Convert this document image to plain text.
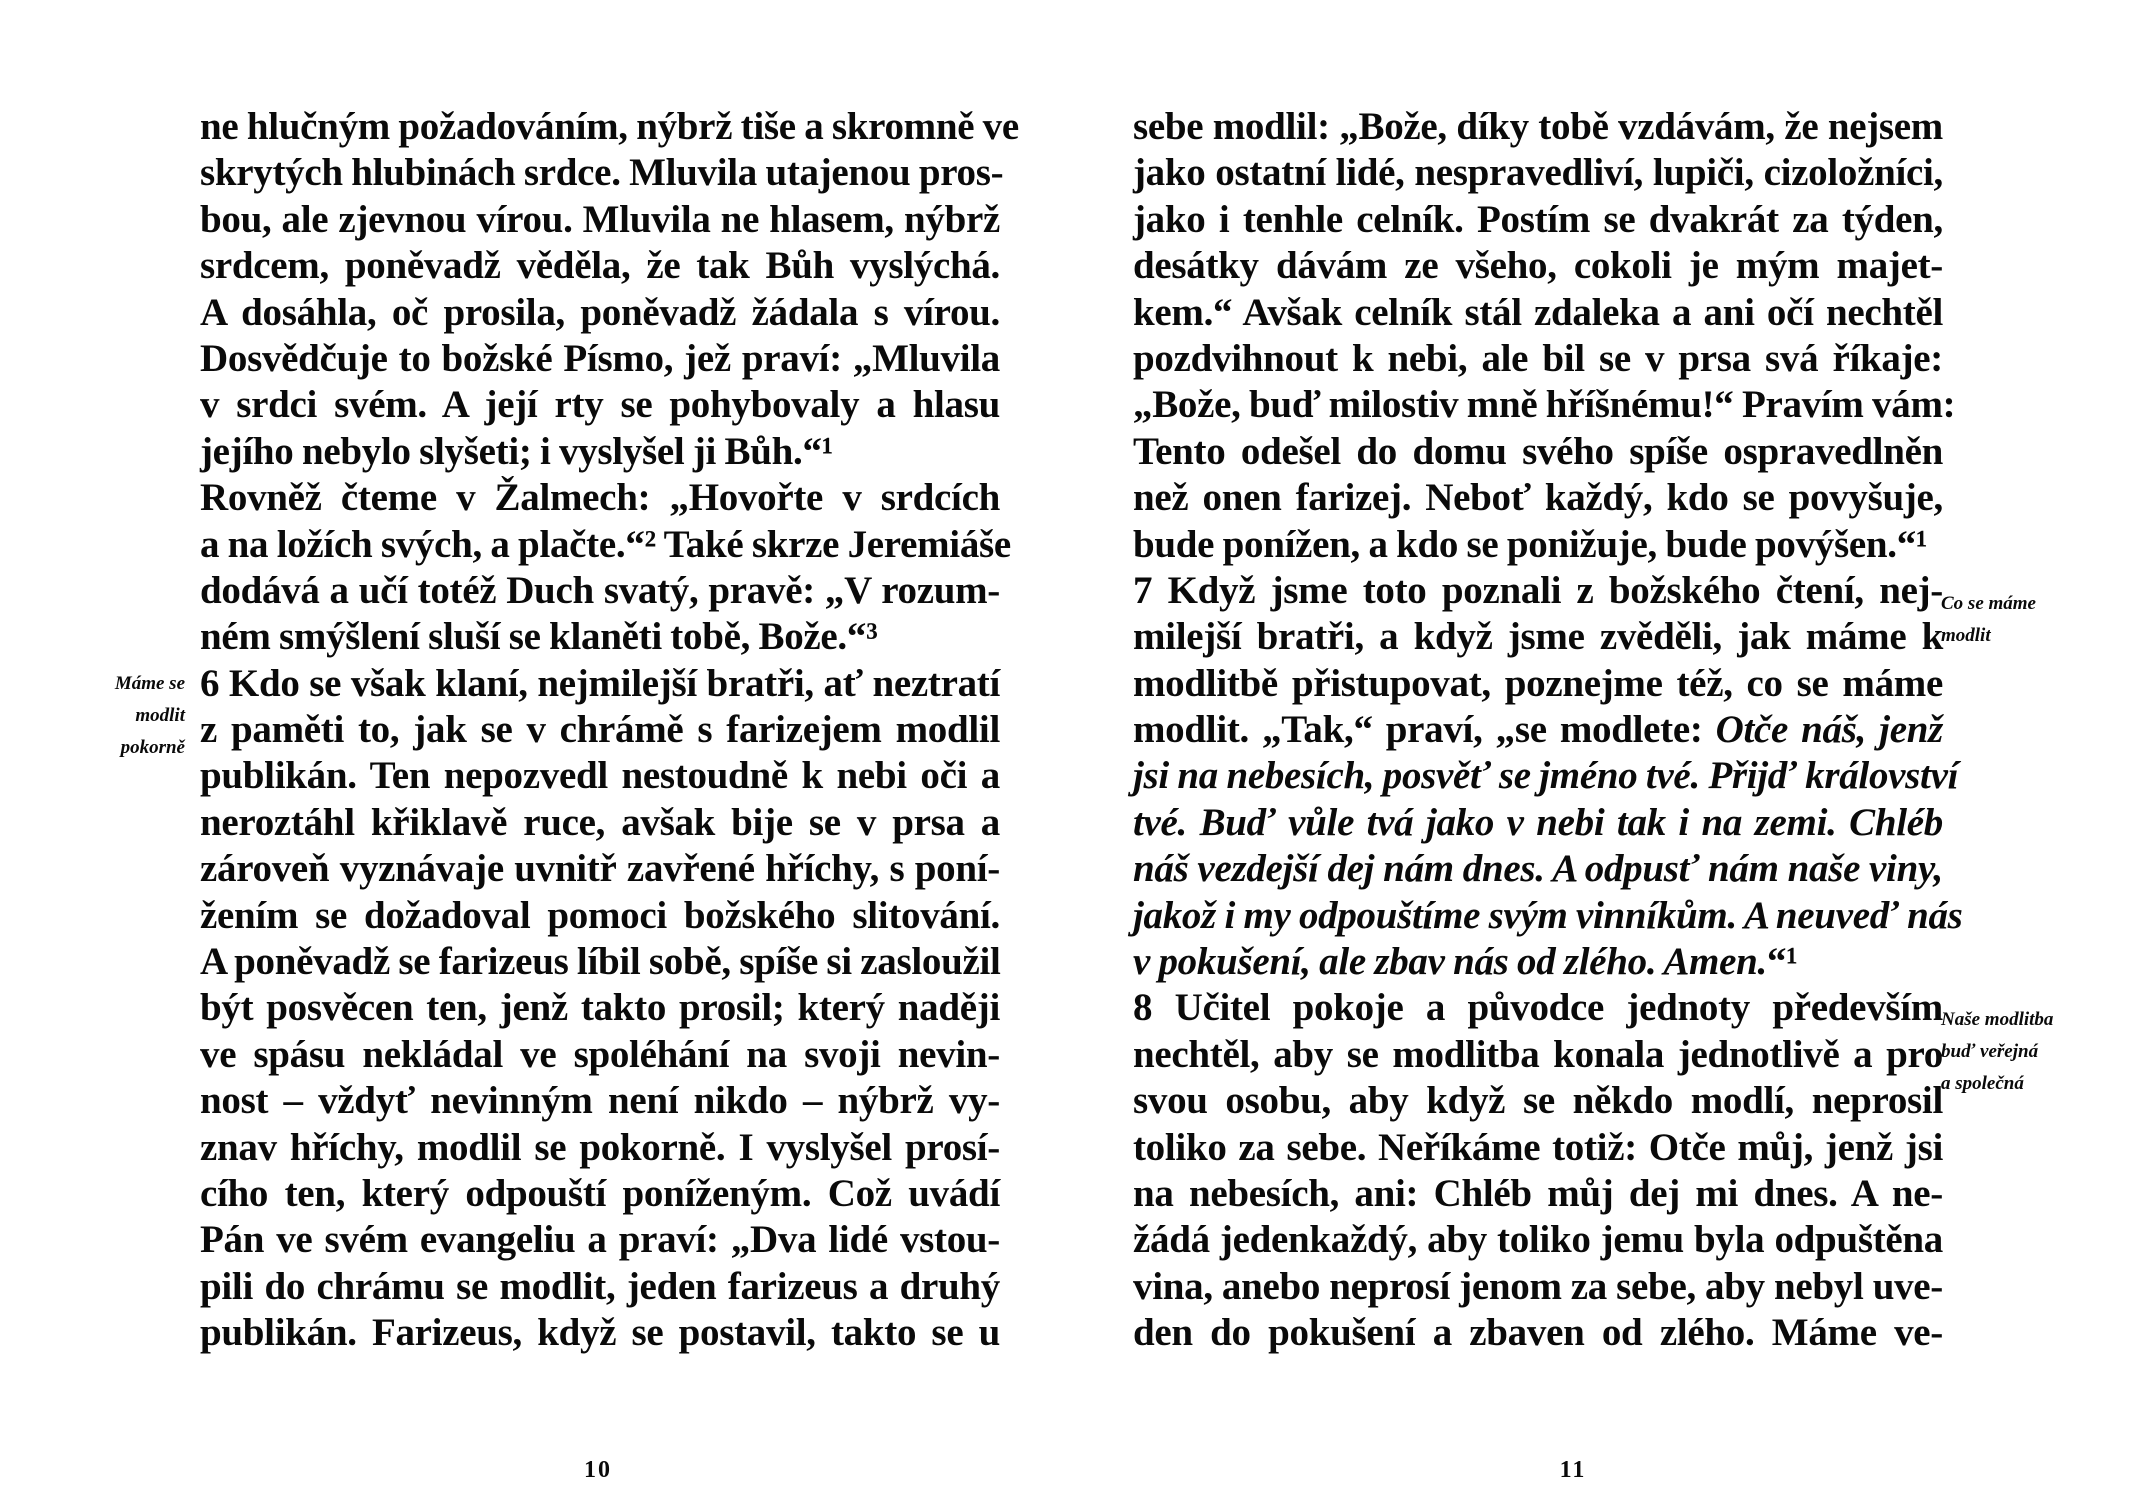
ne hlučným požadováním, nýbrž tiše a skromně ve
skrytých hlubinách srdce. Mluvila utajenou pros-
bou, ale zjevnou vírou. Mluvila ne hlasem, nýbrž
srdcem, poněvadž věděla, že tak Bůh vyslýchá.
A dosáhla, oč prosila, poněvadž žádala s vírou.
Dosvědčuje to božské Písmo, jež praví: „Mluvila
v srdci svém. A její rty se pohybovaly a hlasu
jejího nebylo slyšeti; i vyslyšel ji Bůh.“¹
Rovněž čteme v Žalmech: „Hovořte v srdcích
a na ložích svých, a plačte.“² Také skrze Jeremiáše
dodává a učí totéž Duch svatý, pravě: „V rozum-
ném smýšlení sluší se klaněti tobě, Bože.“³
6 Kdo se však klaní, nejmilejší bratři, ať neztratí
z paměti to, jak se v chrámě s farizejem modlil
publikán. Ten nepozvedl nestoudně k nebi oči a
neroztáhl křiklavě ruce, avšak bije se v prsa a
zároveň vyznávaje uvnitř zavřené hříchy, s poní-
žením se dožadoval pomoci božského slitování.
A poněvadž se farizeus líbil sobě, spíše si zasloužil
být posvěcen ten, jenž takto prosil; který naději
ve spásu nekládal ve spoléhání na svoji nevin-
nost – vždyť nevinným není nikdo – nýbrž vy-
znav hříchy, modlil se pokorně. I vyslyšel prosí-
cího ten, který odpouští poníženým. Což uvádí
Pán ve svém evangeliu a praví: „Dva lidé vstou-
pili do chrámu se modlit, jeden farizeus a druhý
publikán. Farizeus, když se postavil, takto se u
Máme se
modlit
pokorně
10
sebe modlil: „Bože, díky tobě vzdávám, že nejsem
jako ostatní lidé, nespravedliví, lupiči, cizoložníci,
jako i tenhle celník. Postím se dvakrát za týden,
desátky dávám ze všeho, cokoli je mým majet-
kem.“ Avšak celník stál zdaleka a ani očí nechtěl
pozdvihnout k nebi, ale bil se v prsa svá říkaje:
„Bože, buď milostiv mně hříšnému!“ Pravím vám:
Tento odešel do domu svého spíše ospravedlněn
než onen farizej. Neboť každý, kdo se povyšuje,
bude ponížen, a kdo se ponižuje, bude povýšen.“¹
7 Když jsme toto poznali z božského čtení, nej-
milejší bratři, a když jsme zvěděli, jak máme k
modlitbě přistupovat, poznejme též, co se máme
modlit. „Tak,“ praví, „se modlete: Otče náš, jenž
jsi na nebesích, posvěť se jméno tvé. Přijď království
tvé. Buď vůle tvá jako v nebi tak i na zemi. Chléb
náš vezdejší dej nám dnes. A odpusť nám naše viny,
jakož i my odpouštíme svým vinníkům. A neuveď nás
v pokušení, ale zbav nás od zlého. Amen.“¹
8 Učitel pokoje a původce jednoty především
nechtěl, aby se modlitba konala jednotlivě a pro
svou osobu, aby když se někdo modlí, neprosil
toliko za sebe. Neříkáme totiž: Otče můj, jenž jsi
na nebesích, ani: Chléb můj dej mi dnes. A ne-
žádá jedenkaždý, aby toliko jemu byla odpuštěna
vina, anebo neprosí jenom za sebe, aby nebyl uve-
den do pokušení a zbaven od zlého. Máme ve-
Co se máme
modlit
Naše modlitba
buď veřejná
a společná
11
